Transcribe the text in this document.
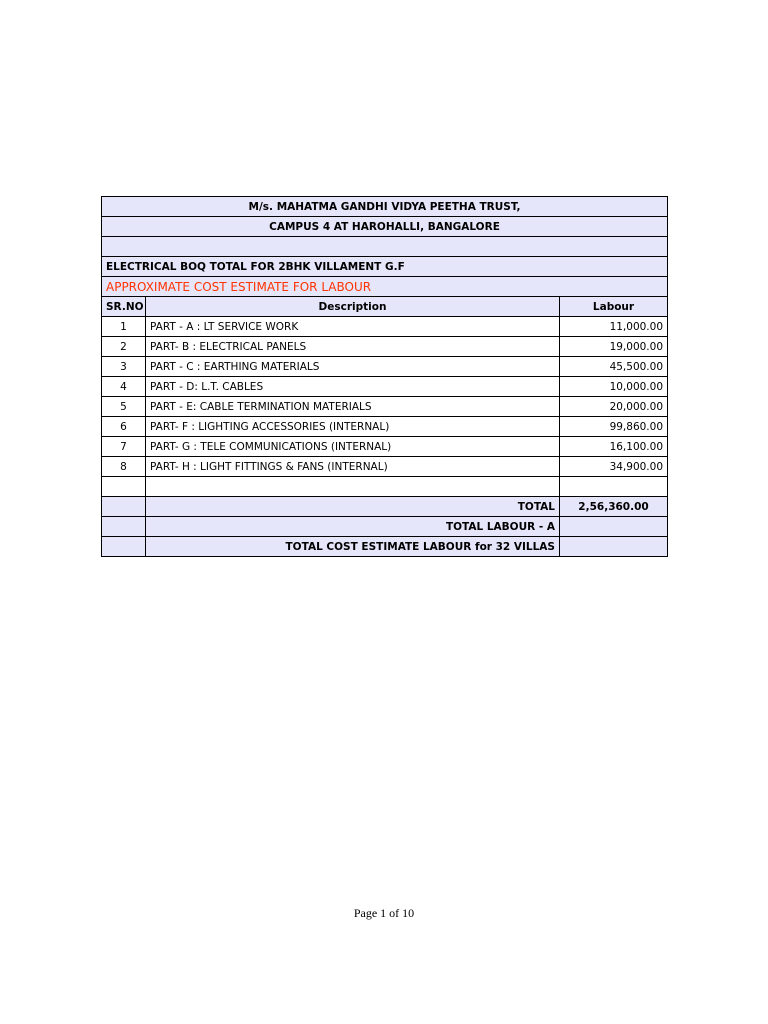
M/s. MAHATMA GANDHI VIDYA PEETHA TRUST,		
CAMPUS 4 AT HAROHALLI, BANGALORE		

ELECTRICAL BOQ TOTAL FOR 2BHK VILLAMENT G.F		
APPROXIMATE COST ESTIMATE FOR LABOUR		
SR.NO	Description	Labour
1	PART - A : LT SERVICE WORK	11,000.00
2	PART- B : ELECTRICAL PANELS	19,000.00
3	PART - C : EARTHING MATERIALS	45,500.00
4	PART - D: L.T. CABLES	10,000.00
5	PART - E: CABLE TERMINATION MATERIALS	20,000.00
6	PART- F : LIGHTING ACCESSORIES (INTERNAL)	99,860.00
7	PART- G : TELE COMMUNICATIONS (INTERNAL)	16,100.00
8	PART- H : LIGHT FITTINGS & FANS (INTERNAL)	34,900.00

	TOTAL	2,56,360.00
	TOTAL LABOUR - A	
	TOTAL COST ESTIMATE LABOUR for 32 VILLAS	
Page 1 of 10
